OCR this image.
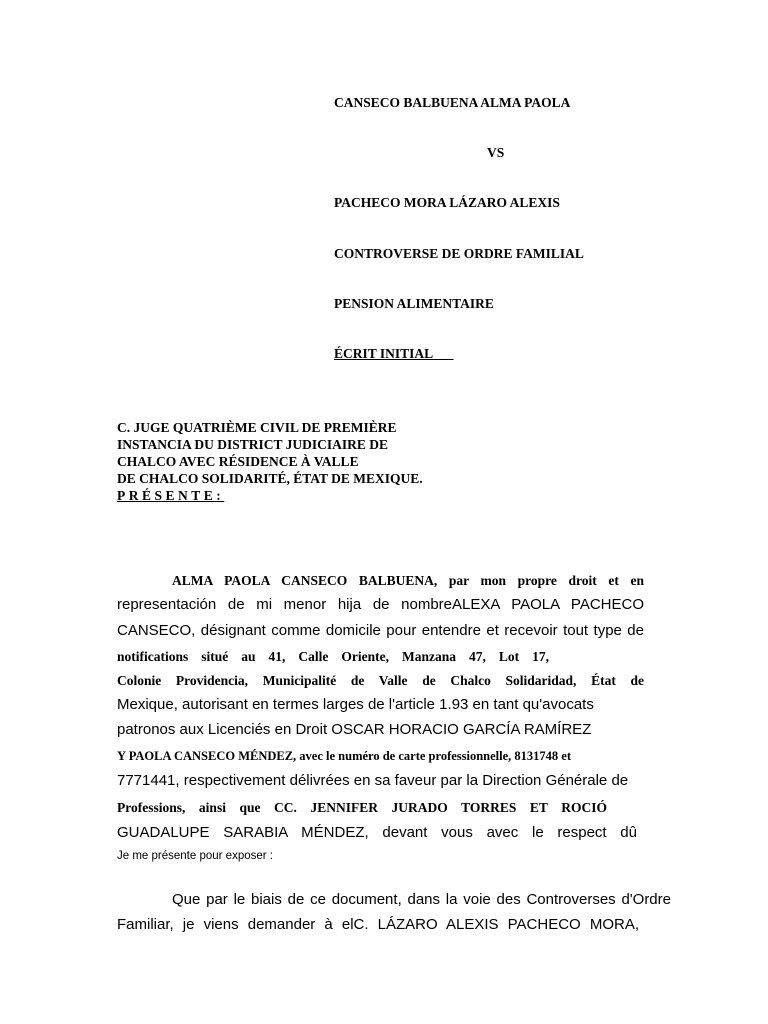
CANSECO BALBUENA ALMA PAOLA
VS
PACHECO MORA LÁZARO ALEXIS
CONTROVERSE DE ORDRE FAMILIAL
PENSION ALIMENTAIRE
ÉCRIT INITIAL __
C. JUGE QUATRIÈME CIVIL DE PREMIÈRE
INSTANCIA DU DISTRICT JUDICIAIRE DE
CHALCO AVEC RÉSIDENCE À VALLE
DE CHALCO SOLIDARITÉ, ÉTAT DE MEXIQUE.
PRÉSENTE:
ALMA PAOLA CANSECO BALBUENA, par mon propre droit et en
representación de mi menor hija de nombreALEXA PAOLA PACHECO
CANSECO, désignant comme domicile pour entendre et recevoir tout type de
notifications situé au 41, Calle Oriente, Manzana 47, Lot 17,
Colonie Providencia, Municipalité de Valle de Chalco Solidaridad, État de
Mexique, autorisant en termes larges de l'article 1.93 en tant qu'avocats
patronos aux Licenciés en Droit OSCAR HORACIO GARCÍA RAMÍREZ
Y PAOLA CANSECO MÉNDEZ, avec le numéro de carte professionnelle, 8131748 et
7771441, respectivement délivrées en sa faveur par la Direction Générale de
Professions, ainsi que CC. JENNIFER JURADO TORRES ET ROCIÓ
GUADALUPE SARABIA MÉNDEZ, devant vous avec le respect dû
Je me présente pour exposer :
Que par le biais de ce document, dans la voie des Controverses d'Ordre
Familiar, je viens demander à elC. LÁZARO ALEXIS PACHECO MORA,
